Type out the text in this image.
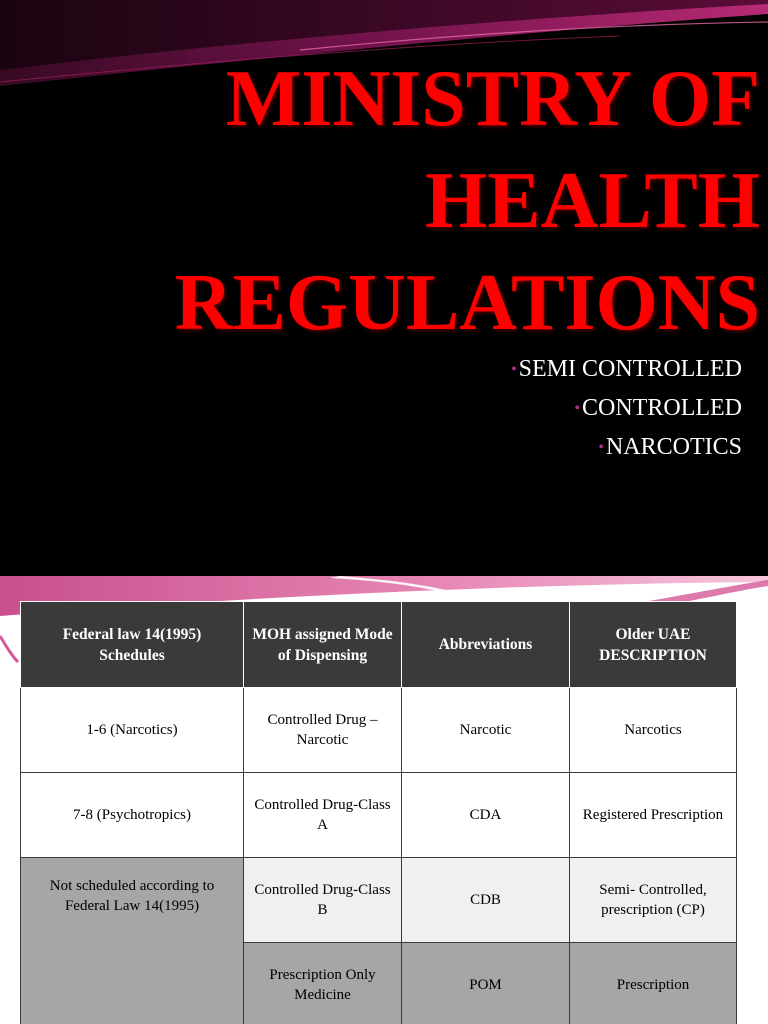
MINISTRY OF
HEALTH
REGULATIONS
•SEMI CONTROLLED
•CONTROLLED
•NARCOTICS
Federal law 14(1995) Schedules	MOH assigned Mode of Dispensing	Abbreviations	Older UAE DESCRIPTION
1-6 (Narcotics)	Controlled Drug – Narcotic	Narcotic	Narcotics
7-8 (Psychotropics)	Controlled Drug-Class A	CDA	Registered Prescription
Not scheduled according to Federal Law 14(1995)	Controlled Drug-Class B	CDB	Semi- Controlled, prescription (CP)
	Prescription Only Medicine	POM	Prescription
